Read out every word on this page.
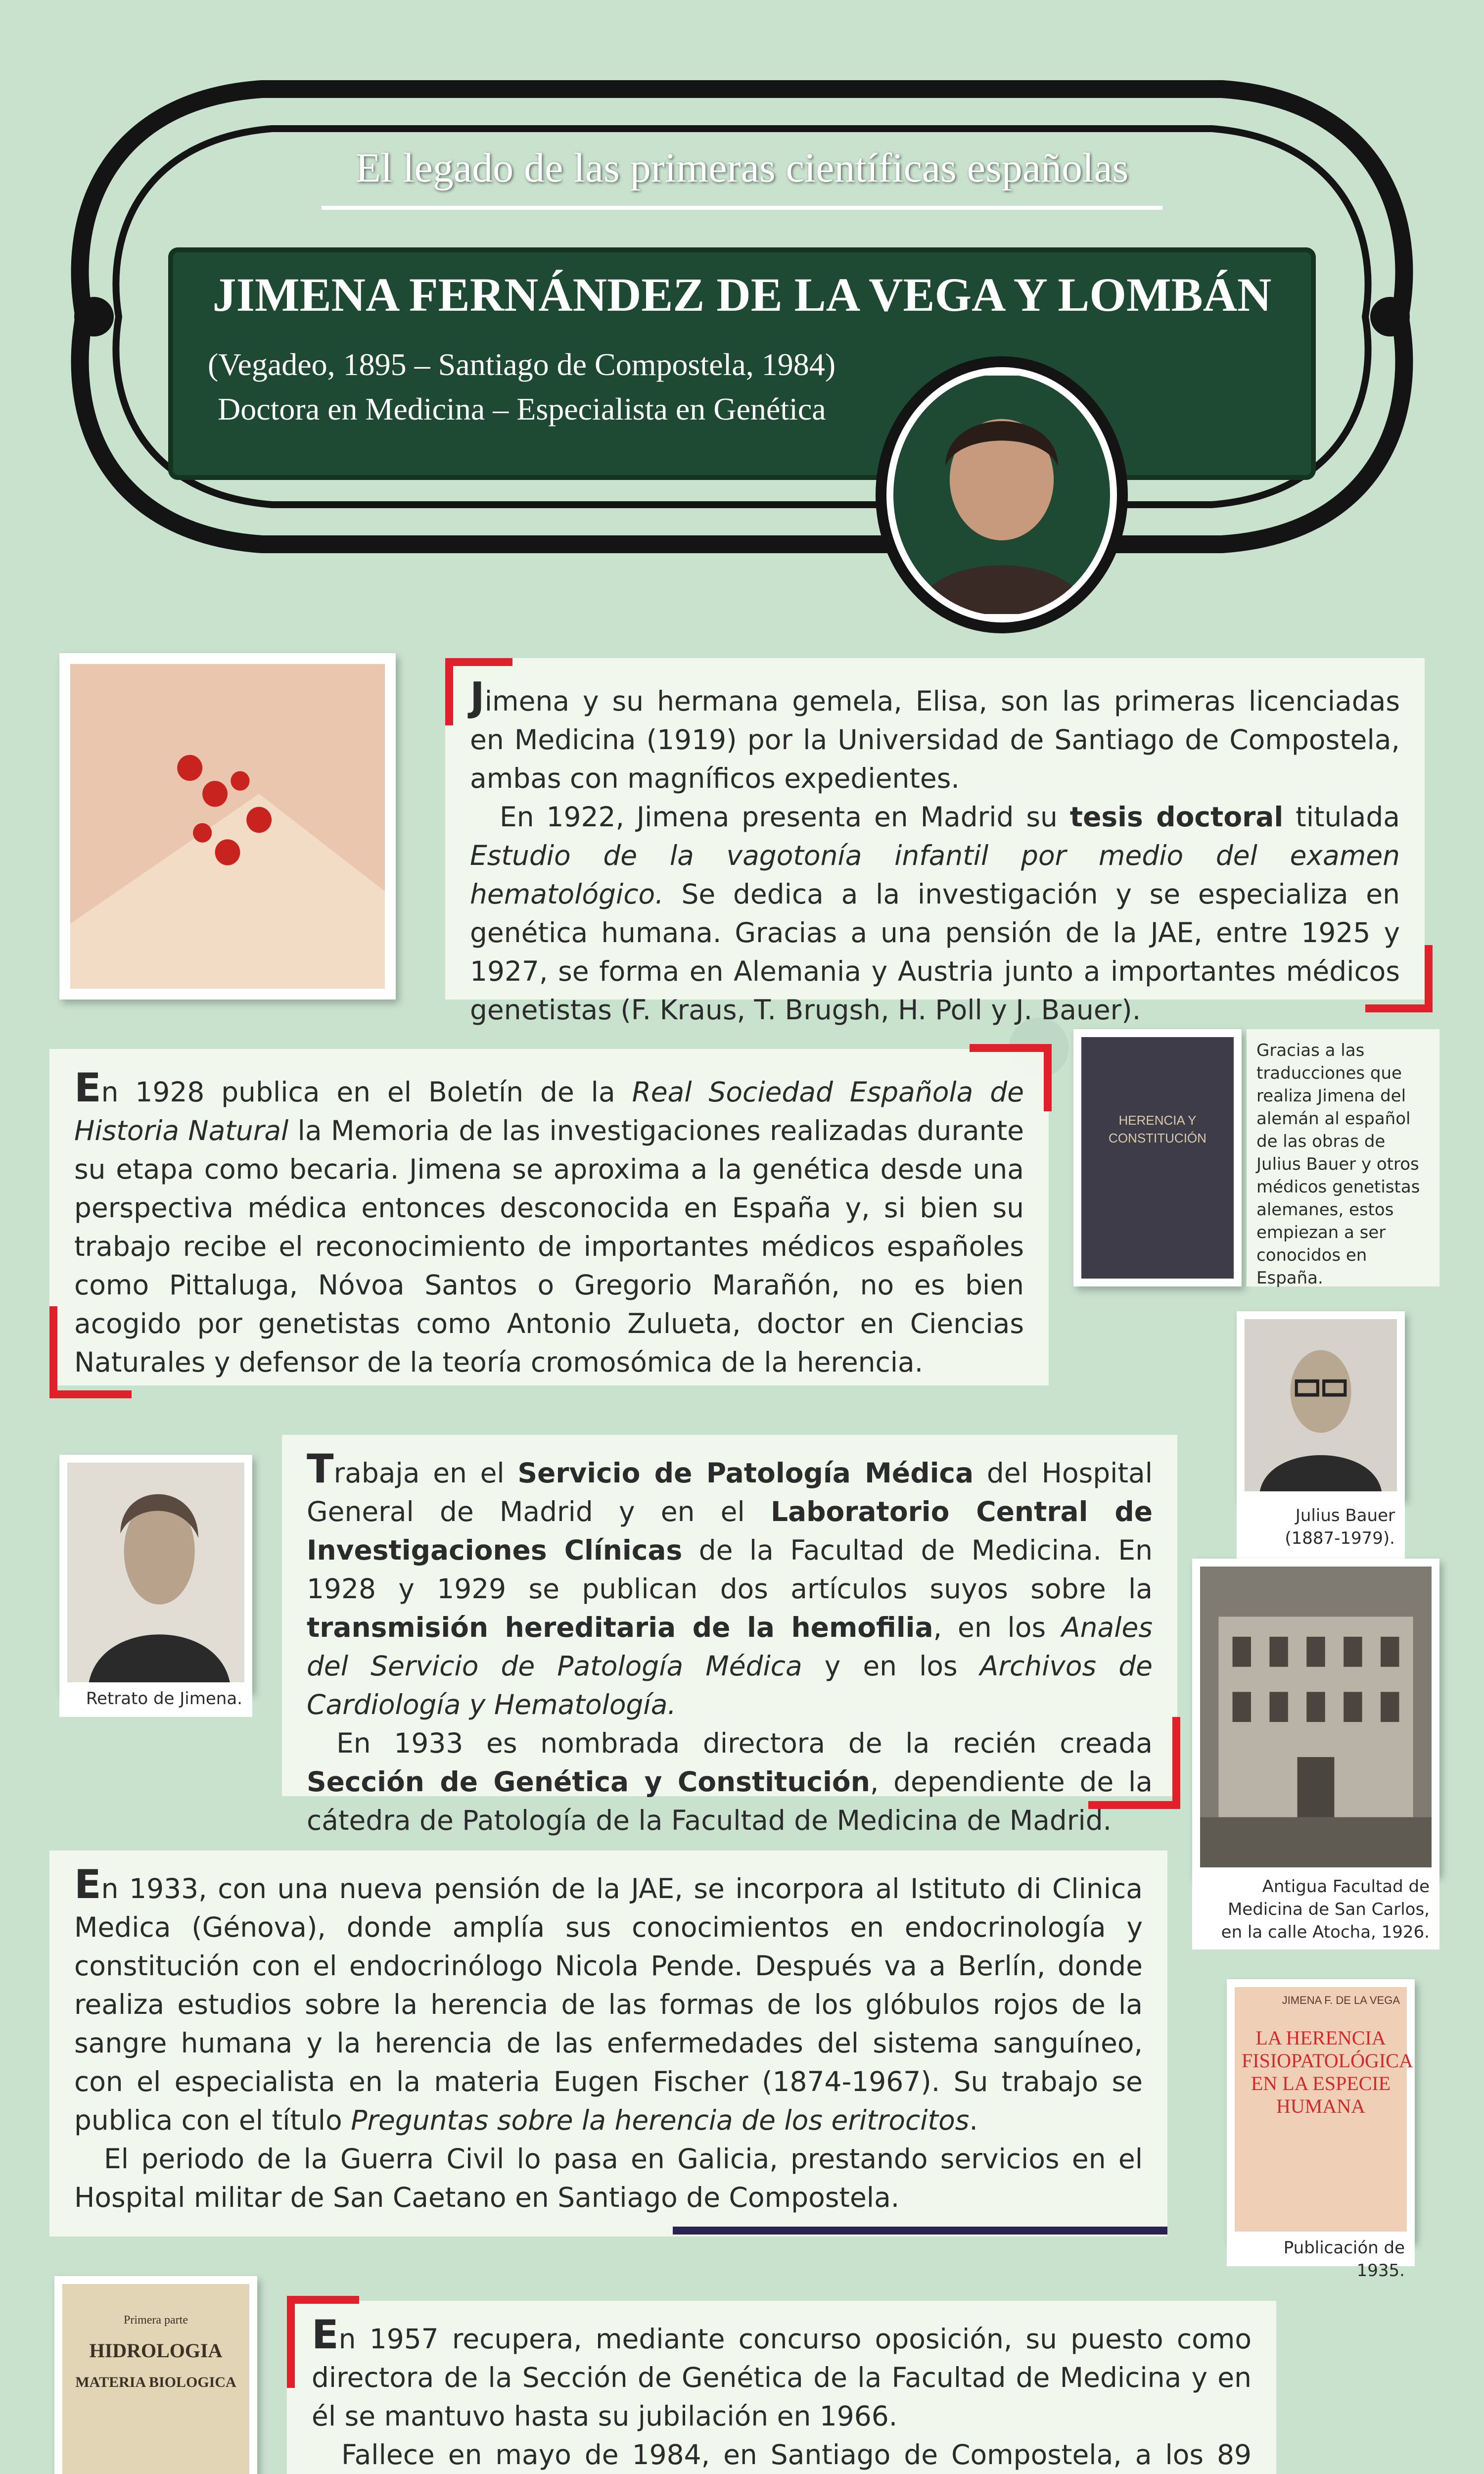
El legado de las primeras científicas españolas
JIMENA FERNÁNDEZ DE LA VEGA Y LOMBÁN
(Vegadeo, 1895 – Santiago de Compostela, 1984)
Doctora en Medicina – Especialista en Genética

Jimena y su hermana gemela, Elisa, son las primeras licenciadas en Medicina (1919) por la Universidad de Santiago de Compostela, ambas con magníficos expedientes.

En 1922, Jimena presenta en Madrid su tesis doctoral titulada Estudio de la vagotonía infantil por medio del examen hematológico. Se dedica a la investigación y se especializa en genética humana. Gracias a una pensión de la JAE, entre 1925 y 1927, se forma en Alemania y Austria junto a importantes médicos genetistas (F. Kraus, T. Brugsh, H. Poll y J. Bauer).

En 1928 publica en el Boletín de la Real Sociedad Española de Historia Natural la Memoria de las investigaciones realizadas durante su etapa como becaria. Jimena se aproxima a la genética desde una perspectiva médica entonces desconocida en España y, si bien su trabajo recibe el reconocimiento de importantes médicos españoles como Pittaluga, Nóvoa Santos o Gregorio Marañón, no es bien acogido por genetistas como Antonio Zulueta, doctor en Ciencias Naturales y defensor de la teoría cromosómica de la herencia.

HERENCIA Y CONSTITUCIÓN
Gracias a las traducciones que realiza Jimena del alemán al español de las obras de Julius Bauer y otros médicos genetistas alemanes, estos empiezan a ser conocidos en España.
Julius Bauer (1887-1979).
Retrato de Jimena.

Trabaja en el Servicio de Patología Médica del Hospital General de Madrid y en el Laboratorio Central de Investigaciones Clínicas de la Facultad de Medicina. En 1928 y 1929 se publican dos artículos suyos sobre la transmisión hereditaria de la hemofilia, en los Anales del Servicio de Patología Médica y en los Archivos de Cardiología y Hematología.

En 1933 es nombrada directora de la recién creada Sección de Genética y Constitución, dependiente de la cátedra de Patología de la Facultad de Medicina de Madrid.

Antigua Facultad de Medicina de San Carlos, en la calle Atocha, 1926.

En 1933, con una nueva pensión de la JAE, se incorpora al Istituto di Clinica Medica (Génova), donde amplía sus conocimientos en endocrinología y constitución con el endocrinólogo Nicola Pende. Después va a Berlín, donde realiza estudios sobre la herencia de las formas de los glóbulos rojos de la sangre humana y la herencia de las enfermedades del sistema sanguíneo, con el especialista en la materia Eugen Fischer (1874-1967). Su trabajo se publica con el título Preguntas sobre la herencia de los eritrocitos.

El periodo de la Guerra Civil lo pasa en Galicia, prestando servicios en el Hospital militar de San Caetano en Santiago de Compostela.

JIMENA F. DE LA VEGA
LA HERENCIA FISIOPATOLÓGICA EN LA ESPECIE HUMANA
Publicación de 1935.
Primera parte
HIDROLOGIA
MATERIA BIOLOGICA

En 1957 recupera, mediante concurso oposición, su puesto como directora de la Sección de Genética de la Facultad de Medicina y en él se mantuvo hasta su jubilación en 1966.

Fallece en mayo de 1984, en Santiago de Compostela, a los 89
